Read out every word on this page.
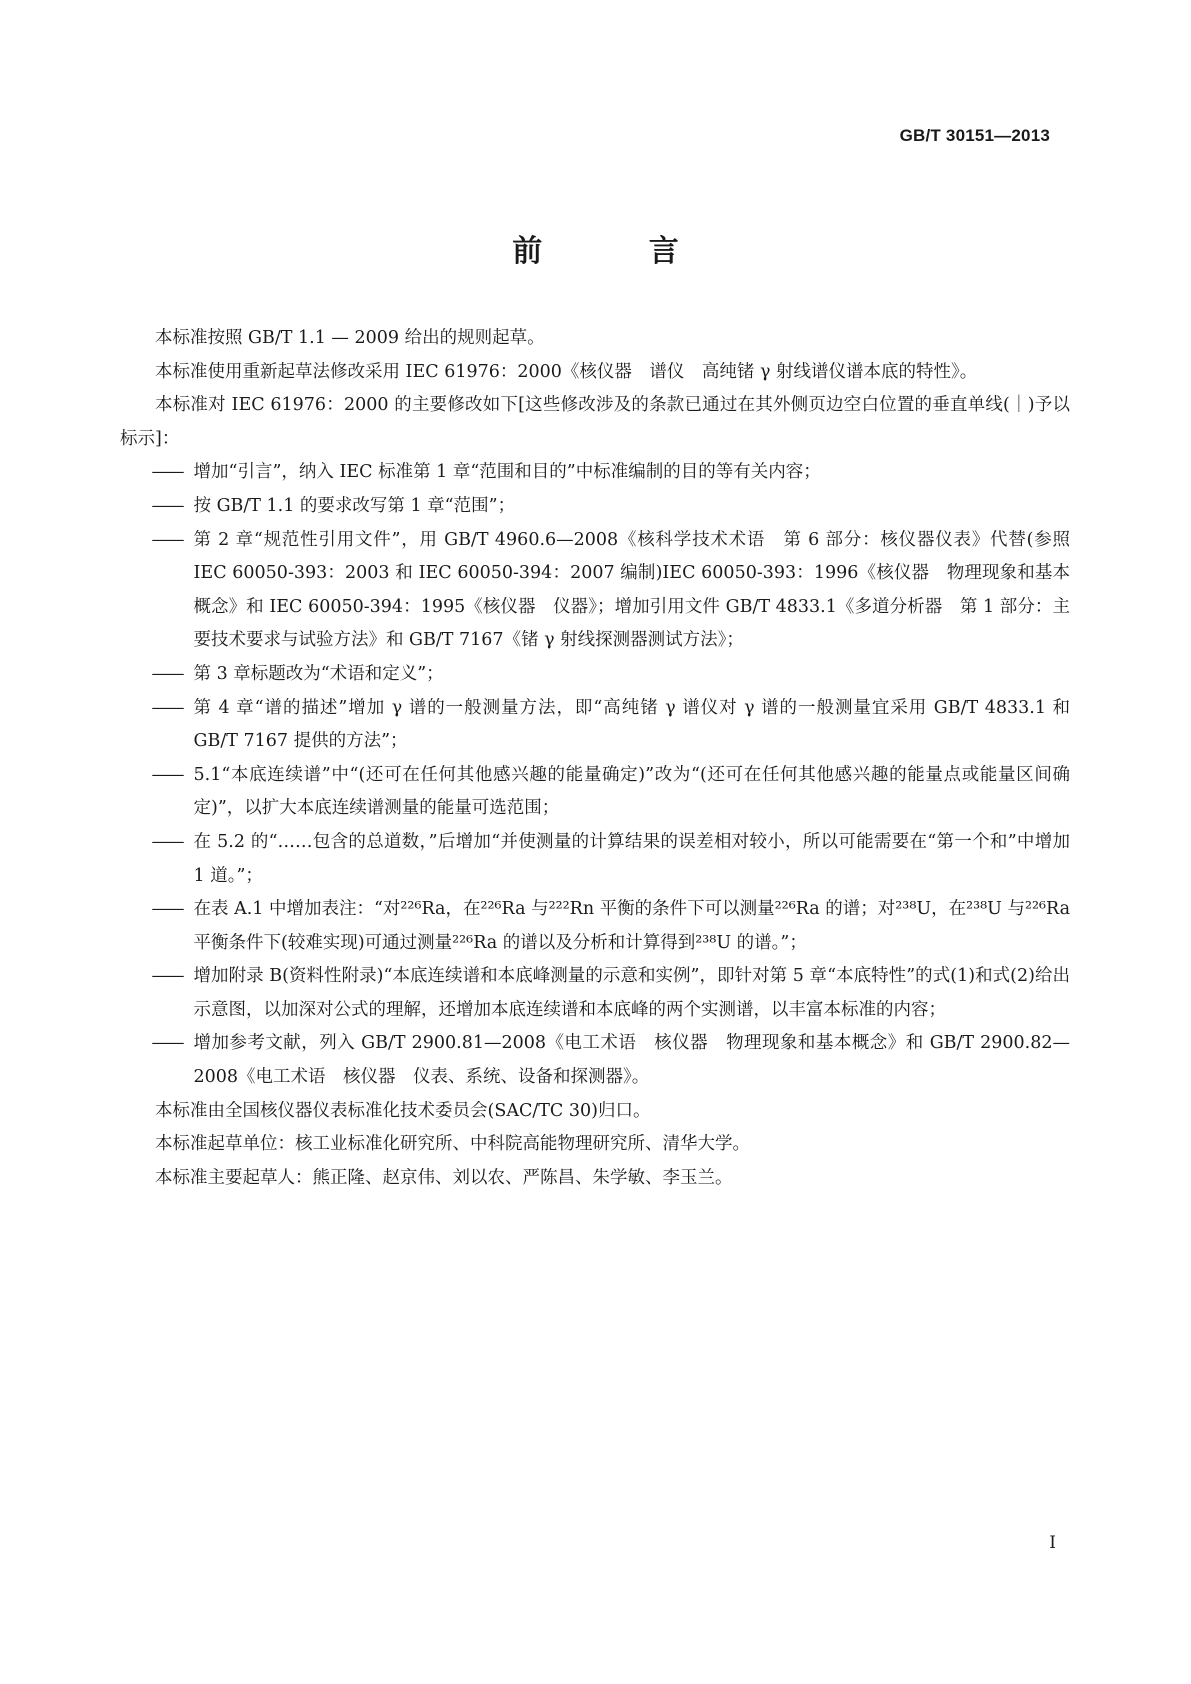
GB/T 30151—2013
前 言

本标准按照 GB/T 1.1 — 2009 给出的规则起草。

本标准使用重新起草法修改采用 IEC 61976：2000《核仪器　谱仪　高纯锗 γ 射线谱仪谱本底的特性》。

本标准对 IEC 61976：2000 的主要修改如下[这些修改涉及的条款已通过在其外侧页边空白位置的垂直单线(｜)予以标示]：

—— 增加“引言”，纳入 IEC 标准第 1 章“范围和目的”中标准编制的目的等有关内容；
—— 按 GB/T 1.1 的要求改写第 1 章“范围”；
—— 第 2 章“规范性引用文件”，用 GB/T 4960.6—2008《核科学技术术语　第 6 部分：核仪器仪表》代替(参照 IEC 60050-393：2003 和 IEC 60050-394：2007 编制)IEC 60050-393：1996《核仪器　物理现象和基本概念》和 IEC 60050-394：1995《核仪器　仪器》；增加引用文件 GB/T 4833.1《多道分析器　第 1 部分：主要技术要求与试验方法》和 GB/T 7167《锗 γ 射线探测器测试方法》；
—— 第 3 章标题改为“术语和定义”；
—— 第 4 章“谱的描述”增加 γ 谱的一般测量方法，即“高纯锗 γ 谱仪对 γ 谱的一般测量宜采用 GB/T 4833.1 和 GB/T 7167 提供的方法”；
—— 5.1“本底连续谱”中“(还可在任何其他感兴趣的能量确定)”改为“(还可在任何其他感兴趣的能量点或能量区间确定)”，以扩大本底连续谱测量的能量可选范围；
—— 在 5.2 的“……包含的总道数，”后增加“并使测量的计算结果的误差相对较小，所以可能需要在“第一个和”中增加 1 道。”；
—— 在表 A.1 中增加表注：“对²²⁶Ra，在²²⁶Ra 与²²²Rn 平衡的条件下可以测量²²⁶Ra 的谱；对²³⁸U，在²³⁸U 与²²⁶Ra 平衡条件下(较难实现)可通过测量²²⁶Ra 的谱以及分析和计算得到²³⁸U 的谱。”；
—— 增加附录 B(资料性附录)“本底连续谱和本底峰测量的示意和实例”，即针对第 5 章“本底特性”的式(1)和式(2)给出示意图，以加深对公式的理解，还增加本底连续谱和本底峰的两个实测谱，以丰富本标准的内容；
—— 增加参考文献，列入 GB/T 2900.81—2008《电工术语　核仪器　物理现象和基本概念》和 GB/T 2900.82—2008《电工术语　核仪器　仪表、系统、设备和探测器》。

本标准由全国核仪器仪表标准化技术委员会(SAC/TC 30)归口。

本标准起草单位：核工业标准化研究所、中科院高能物理研究所、清华大学。

本标准主要起草人：熊正隆、赵京伟、刘以农、严陈昌、朱学敏、李玉兰。

I
